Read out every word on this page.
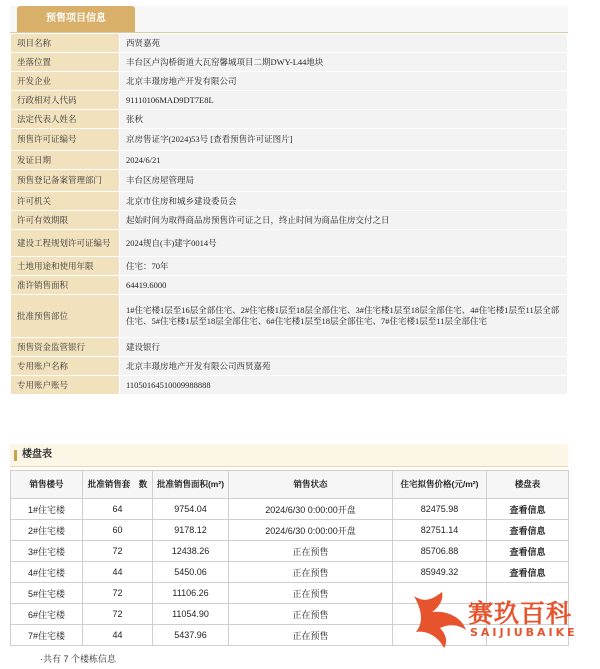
预售项目信息
项目名称	西贤嘉苑
坐落位置	丰台区卢沟桥街道大瓦窑馨城项目二期DWY-L44地块
开发企业	北京丰璟房地产开发有限公司
行政相对人代码	91110106MAD9DT7E8L
法定代表人姓名	张秋
预售许可证编号	京房售证字(2024)53号 [查看预售许可证图片]
发证日期	2024/6/21
预售登记备案管理部门	丰台区房屋管理局
许可机关	北京市住房和城乡建设委员会
许可有效期限	起始时间为取得商品房预售许可证之日，终止时间为商品住房交付之日
建设工程规划许可证编号	2024规自(丰)建字0014号
土地用途和使用年限	住宅：70年
准许销售面积	64419.6000
批准预售部位	1#住宅楼1层至16层全部住宅、2#住宅楼1层至18层全部住宅、3#住宅楼1层至18层全部住宅、4#住宅楼1层至11层全部住宅、5#住宅楼1层至18层全部住宅、6#住宅楼1层至18层全部住宅、7#住宅楼1层至11层全部住宅
预售资金监管银行	建设银行
专用账户名称	北京丰璟房地产开发有限公司西贤嘉苑
专用账户账号	11050164510009988888
楼盘表
销售楼号	批准销售套　数	批准销售面积(m²)	销售状态	住宅拟售价格(元/m²)	楼盘表
1#住宅楼	64	9754.04	2024/6/30 0:00:00开盘	82475.98	查看信息
2#住宅楼	60	9178.12	2024/6/30 0:00:00开盘	82751.14	查看信息
3#住宅楼	72	12438.26	正在预售	85706.88	查看信息
4#住宅楼	44	5450.06	正在预售	85949.32	查看信息
5#住宅楼	72	11106.26	正在预售		
6#住宅楼	72	11054.90	正在预售		
7#住宅楼	44	5437.96	正在预售		
·共有 7 个楼栋信息
赛玖百科
SAIJIUBAIKE
